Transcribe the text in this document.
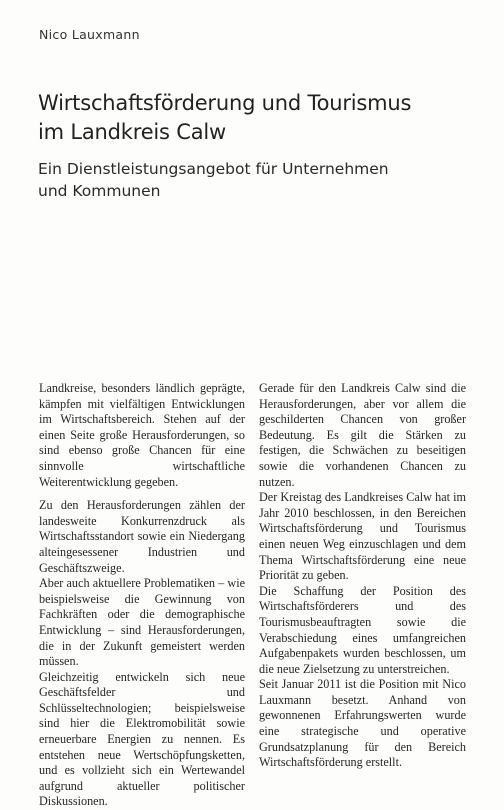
Nico Lauxmann
Wirtschaftsförderung und Tourismus
im Landkreis Calw
Ein Dienstleistungsangebot für Unternehmen
und Kommunen

Landkreise, besonders ländlich geprägte, kämpfen mit vielfältigen Entwicklungen im Wirtschaftsbereich. Stehen auf der einen Seite große Herausforderungen, so sind ebenso große Chancen für eine sinnvolle wirtschaftliche Weiterentwicklung gegeben.

Zu den Herausforderungen zählen der landesweite Konkurrenzdruck als Wirtschaftsstandort sowie ein Niedergang alteingesessener Industrien und Geschäftszweige.

Aber auch aktuellere Problematiken – wie beispielsweise die Gewinnung von Fachkräften oder die demographische Entwicklung – sind Herausforderungen, die in der Zukunft gemeistert werden müssen.

Gleichzeitig entwickeln sich neue Geschäftsfelder und Schlüsseltechnologien; beispielsweise sind hier die Elektromobilität sowie erneuerbare Energien zu nennen. Es entstehen neue Wertschöpfungsketten, und es vollzieht sich ein Wertewandel aufgrund aktueller politischer Diskussionen.

Gerade für den Landkreis Calw sind die Herausforderungen, aber vor allem die geschilderten Chancen von großer Bedeutung. Es gilt die Stärken zu festigen, die Schwächen zu beseitigen sowie die vorhandenen Chancen zu nutzen.

Der Kreistag des Landkreises Calw hat im Jahr 2010 beschlossen, in den Bereichen Wirtschaftsförderung und Tourismus einen neuen Weg einzuschlagen und dem Thema Wirtschaftsförderung eine neue Priorität zu geben.

Die Schaffung der Position des Wirtschaftsförderers und des Tourismusbeauftragten sowie die Verabschiedung eines umfangreichen Aufgabenpakets wurden beschlossen, um die neue Zielsetzung zu unterstreichen.

Seit Januar 2011 ist die Position mit Nico Lauxmann besetzt. Anhand von gewonnenen Erfahrungswerten wurde eine strategische und operative Grundsatzplanung für den Bereich Wirtschaftsförderung erstellt.
